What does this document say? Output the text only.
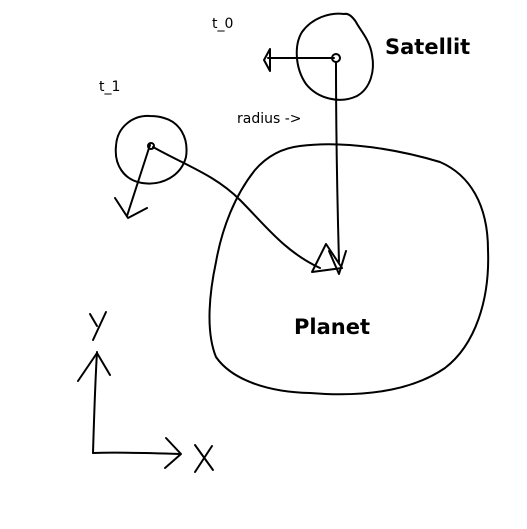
t_0
t_1
radius ->
Satellit
Planet
